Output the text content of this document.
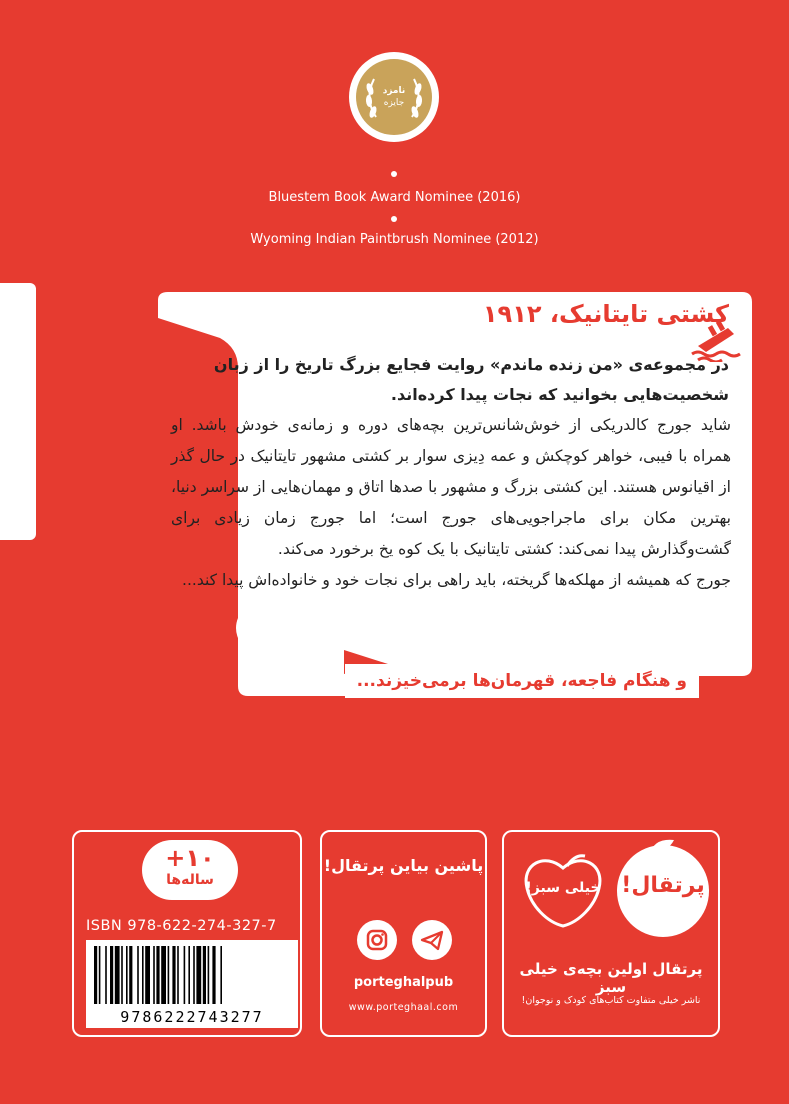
نامزد
جایزه
Bluestem Book Award Nominee (2016)
Wyoming Indian Paintbrush Nominee (2012)
کشتی تایتانیک، ۱۹۱۲
در مجموعه‌ی «من زنده ماندم» روایت فجایع بزرگ تاریخ را از زبان شخصیت‌هایی بخوانید که نجات پیدا کرده‌اند.

شاید جورج کالدریکی از خوش‌شانس‌ترین بچه‌های دوره و زمانه‌ی خودش باشد. او همراه با فیبی، خواهر کوچکش و عمه دِیزی سوار بر کشتی مشهور تایتانیک در حال گذر از اقیانوس هستند. این کشتی بزرگ و مشهور با صدها اتاق و مهمان‌هایی از سراسر دنیا، بهترین مکان برای ماجراجویی‌های جورج است؛ اما جورج زمان زیادی برای گشت‌وگذارش پیدا نمی‌کند: کشتی تایتانیک با یک کوه یخ برخورد می‌کند.

جورج که همیشه از مهلکه‌ها گریخته، باید راهی برای نجات خود و خانواده‌اش پیدا کند...

و هنگام فاجعه، قهرمان‌ها برمی‌خیزند...
+۱۰
ساله‌ها
ISBN 978-622-274-327-7
9786222743277
پاشین بیاین پرتقال!
porteghalpub
www.porteghaal.com
پرتقال!
خیلی سبز!
پرتقال اولین بچه‌ی خیلی سبز
ناشر خیلی متفاوت کتاب‌های کودک و نوجوان!
